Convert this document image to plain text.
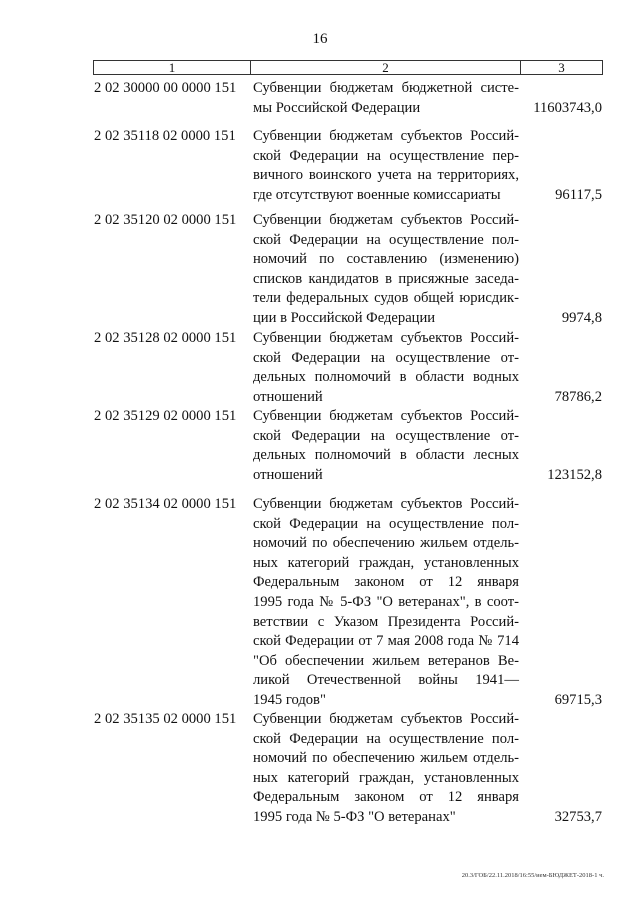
16
1	2	3
2 02 30000 00 0000 151 Субвенции бюджетам бюджетной систе-
мы Российской Федерации	11603743,0
2 02 35118 02 0000 151 Субвенции бюджетам субъектов Россий-
ской Федерации на осуществление пер-
вичного воинского учета на территориях,
где отсутствуют военные комиссариаты	96117,5
2 02 35120 02 0000 151 Субвенции бюджетам субъектов Россий-
ской Федерации на осуществление пол-
номочий по составлению (изменению)
списков кандидатов в присяжные заседа-
тели федеральных судов общей юрисдик-
ции в Российской Федерации	9974,8
2 02 35128 02 0000 151 Субвенции бюджетам субъектов Россий-
ской Федерации на осуществление от-
дельных полномочий в области водных
отношений	78786,2
2 02 35129 02 0000 151 Субвенции бюджетам субъектов Россий-
ской Федерации на осуществление от-
дельных полномочий в области лесных
отношений	123152,8
2 02 35134 02 0000 151 Субвенции бюджетам субъектов Россий-
ской Федерации на осуществление пол-
номочий по обеспечению жильем отдель-
ных категорий граждан, установленных
Федеральным законом от 12 января
1995 года № 5-ФЗ "О ветеранах", в соот-
ветствии с Указом Президента Россий-
ской Федерации от 7 мая 2008 года № 714
"Об обеспечении жильем ветеранов Ве-
ликой Отечественной войны 1941—
1945 годов"	69715,3
2 02 35135 02 0000 151 Субвенции бюджетам субъектов Россий-
ской Федерации на осуществление пол-
номочий по обеспечению жильем отдель-
ных категорий граждан, установленных
Федеральным законом от 12 января
1995 года № 5-ФЗ "О ветеранах"	32753,7
20.3/ГОБ/22.11.2018/16:55/ием-БЮДЖЕТ-2018-1 ч.
